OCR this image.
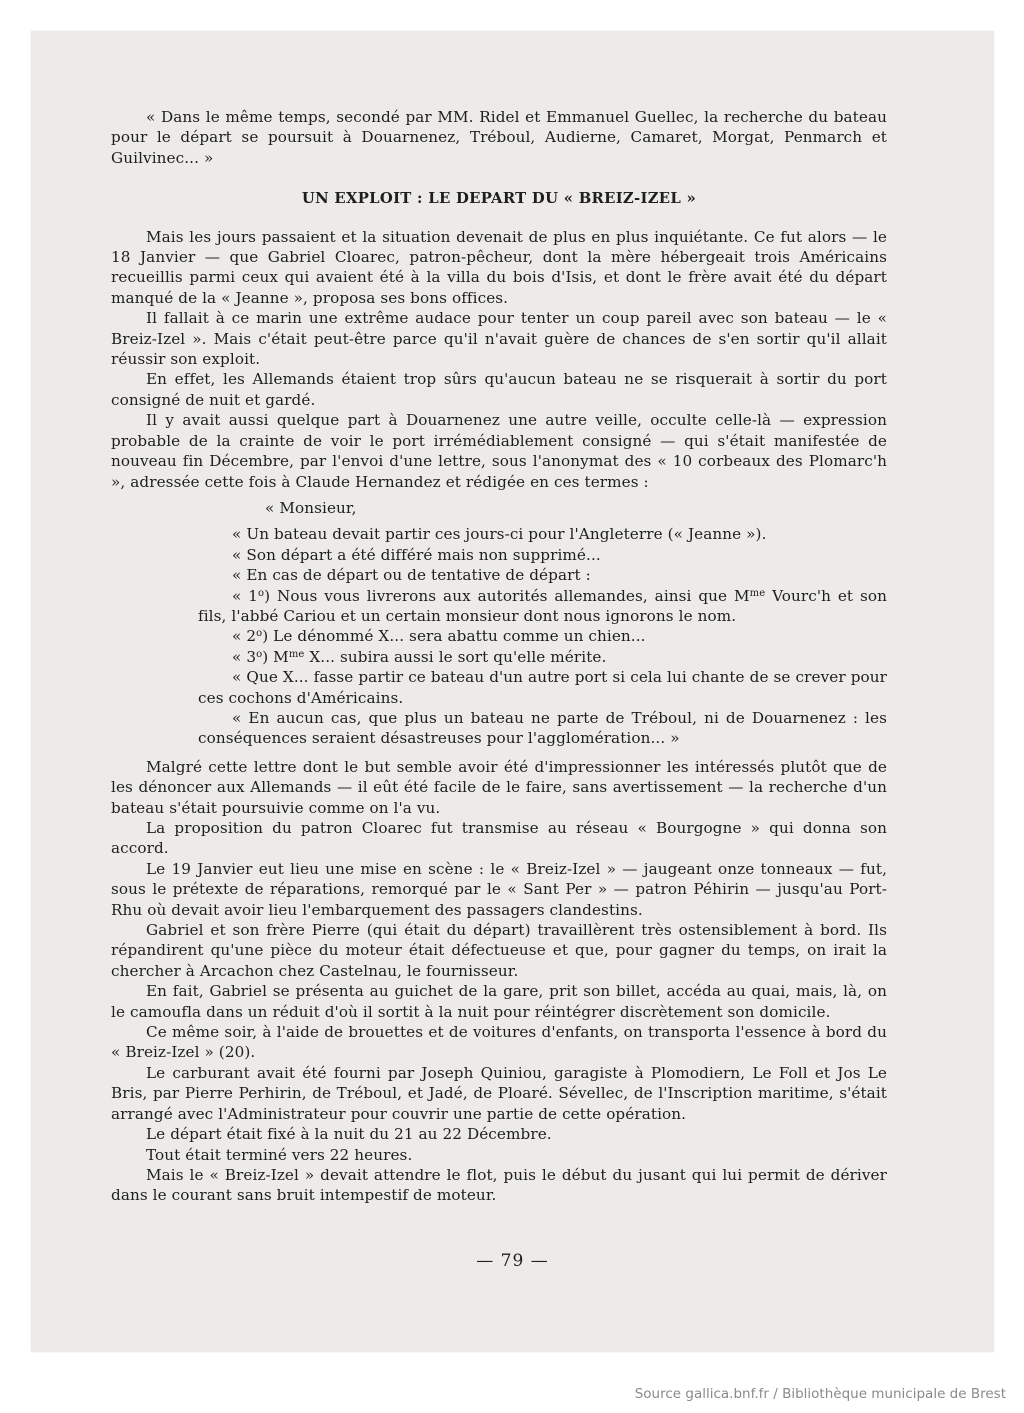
« Dans le même temps, secondé par MM. Ridel et Emmanuel Guellec, la recherche du bateau pour le départ se poursuit à Douarnenez, Tréboul, Audierne, Camaret, Morgat, Penmarch et Guilvinec... »

UN EXPLOIT : LE DEPART DU « BREIZ-IZEL »

Mais les jours passaient et la situation devenait de plus en plus inquiétante. Ce fut alors — le 18 Janvier — que Gabriel Cloarec, patron-pêcheur, dont la mère hébergeait trois Américains recueillis parmi ceux qui avaient été à la villa du bois d'Isis, et dont le frère avait été du départ manqué de la « Jeanne », proposa ses bons offices.

Il fallait à ce marin une extrême audace pour tenter un coup pareil avec son bateau — le « Breiz-Izel ». Mais c'était peut-être parce qu'il n'avait guère de chances de s'en sortir qu'il allait réussir son exploit.

En effet, les Allemands étaient trop sûrs qu'aucun bateau ne se risquerait à sortir du port consigné de nuit et gardé.

Il y avait aussi quelque part à Douarnenez une autre veille, occulte celle-là — expression probable de la crainte de voir le port irrémédiablement consigné — qui s'était manifestée de nouveau fin Décembre, par l'envoi d'une lettre, sous l'anonymat des « 10 corbeaux des Plomarc'h », adressée cette fois à Claude Hernandez et rédigée en ces termes :

« Monsieur,

« Un bateau devait partir ces jours-ci pour l'Angleterre (« Jeanne »).

« Son départ a été différé mais non supprimé...

« En cas de départ ou de tentative de départ :

« 1$^o$) Nous vous livrerons aux autorités allemandes, ainsi que $M^{me}$ Vourc'h et son fils, l'abbé Cariou et un certain monsieur dont nous ignorons le nom.

« 2$^o$) Le dénommé X... sera abattu comme un chien...

« 3$^o$) $M^{me}$ X... subira aussi le sort qu'elle mérite.

« Que X... fasse partir ce bateau d'un autre port si cela lui chante de se crever pour ces cochons d'Américains.

« En aucun cas, que plus un bateau ne parte de Tréboul, ni de Douarnenez : les conséquences seraient désastreuses pour l'agglomération... »

Malgré cette lettre dont le but semble avoir été d'impressionner les intéressés plutôt que de les dénoncer aux Allemands — il eût été facile de le faire, sans avertissement — la recherche d'un bateau s'était poursuivie comme on l'a vu.

La proposition du patron Cloarec fut transmise au réseau « Bourgogne » qui donna son accord.

Le 19 Janvier eut lieu une mise en scène : le « Breiz-Izel » — jaugeant onze tonneaux — fut, sous le prétexte de réparations, remorqué par le « Sant Per » — patron Péhirin — jusqu'au Port-Rhu où devait avoir lieu l'embarquement des passagers clandestins.

Gabriel et son frère Pierre (qui était du départ) travaillèrent très ostensiblement à bord. Ils répandirent qu'une pièce du moteur était défectueuse et que, pour gagner du temps, on irait la chercher à Arcachon chez Castelnau, le fournisseur.

En fait, Gabriel se présenta au guichet de la gare, prit son billet, accéda au quai, mais, là, on le camoufla dans un réduit d'où il sortit à la nuit pour réintégrer discrètement son domicile.

Ce même soir, à l'aide de brouettes et de voitures d'enfants, on transporta l'essence à bord du « Breiz-Izel » (20).

Le carburant avait été fourni par Joseph Quiniou, garagiste à Plomodiern, Le Foll et Jos Le Bris, par Pierre Perhirin, de Tréboul, et Jadé, de Ploaré. Sévellec, de l'Inscription maritime, s'était arrangé avec l'Administrateur pour couvrir une partie de cette opération.

Le départ était fixé à la nuit du 21 au 22 Décembre.

Tout était terminé vers 22 heures.

Mais le « Breiz-Izel » devait attendre le flot, puis le début du jusant qui lui permit de dériver dans le courant sans bruit intempestif de moteur.

— 79 —
Source gallica.bnf.fr / Bibliothèque municipale de Brest
